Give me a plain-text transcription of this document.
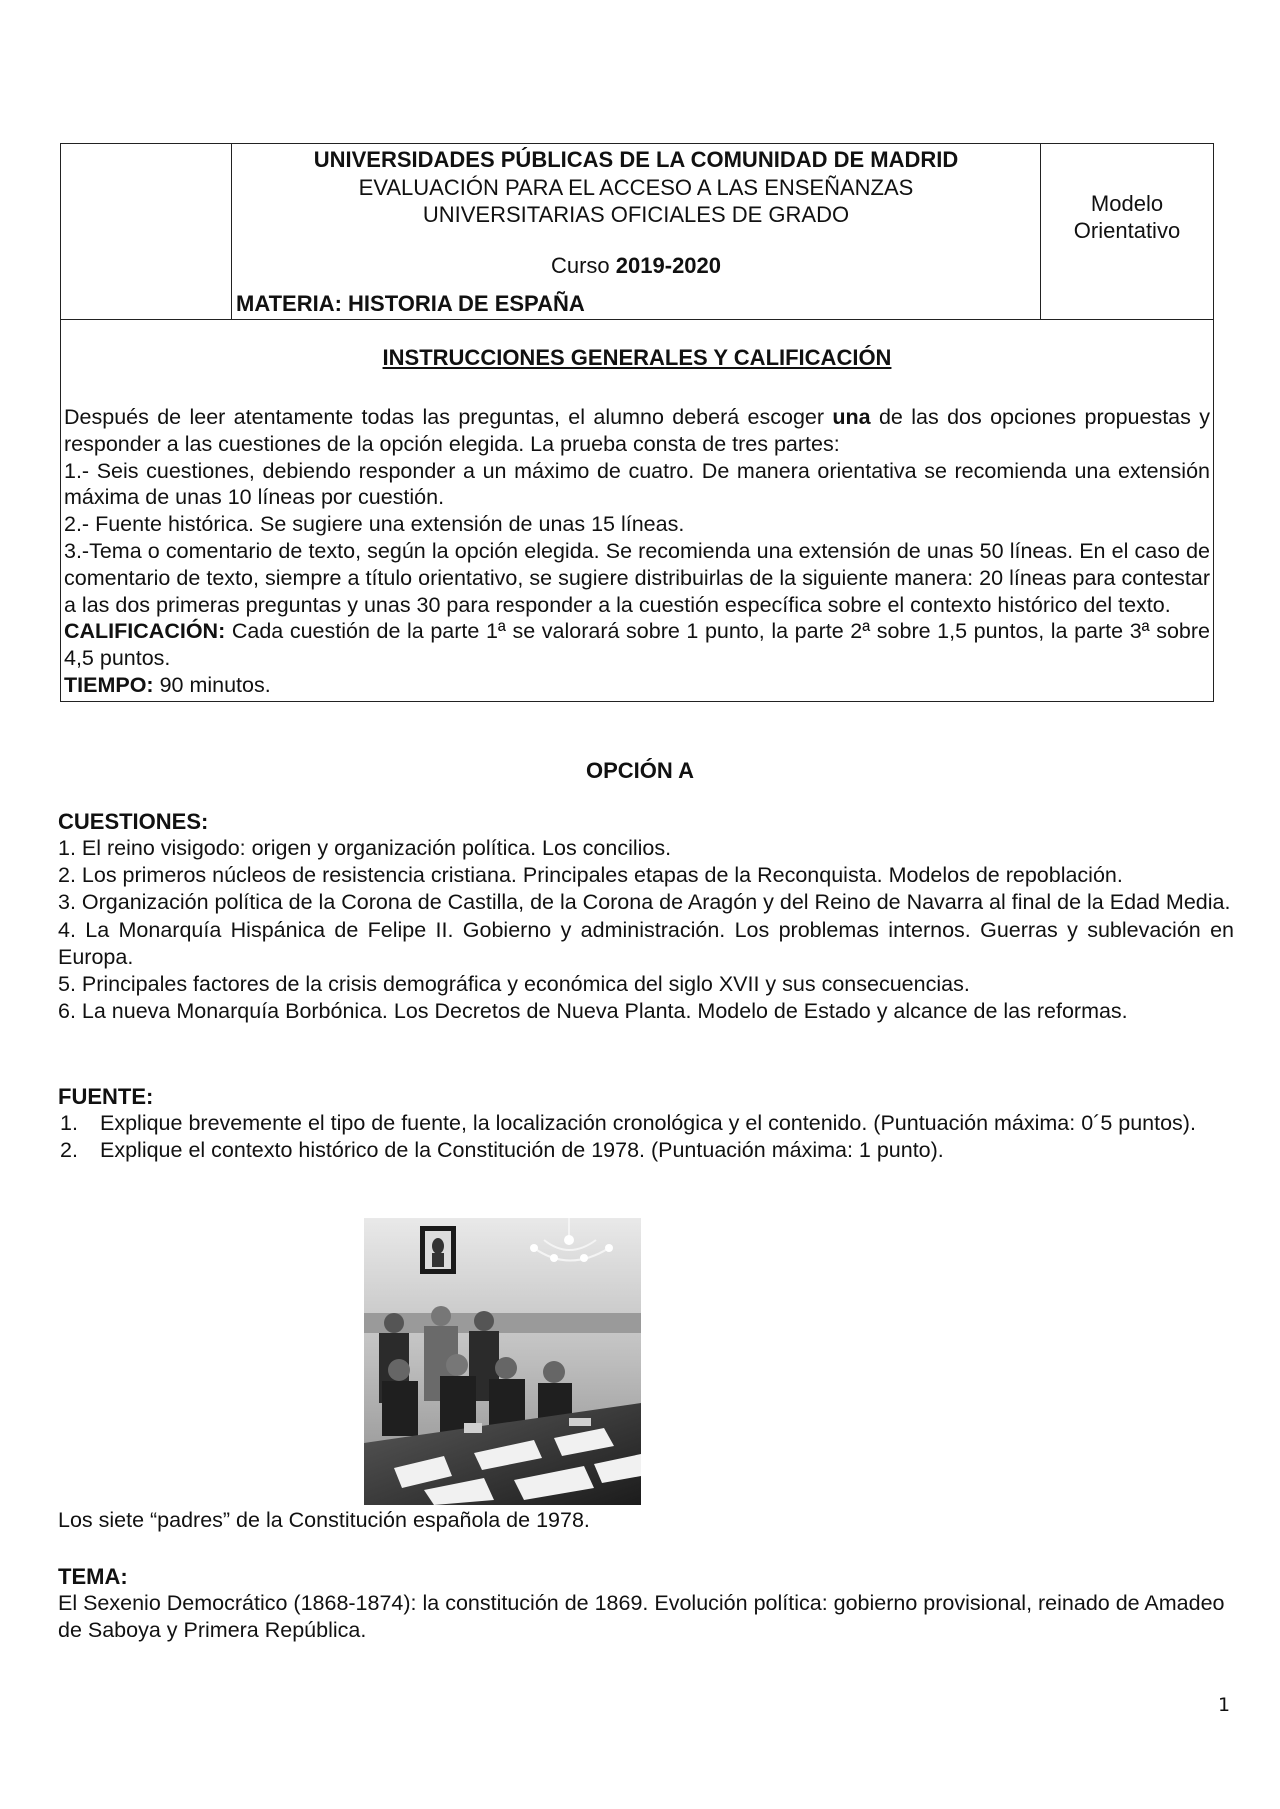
UNIVERSIDADES PÚBLICAS DE LA COMUNIDAD DE MADRID
EVALUACIÓN PARA EL ACCESO A LAS ENSEÑANZAS
UNIVERSITARIAS OFICIALES DE GRADO
Curso 2019-2020
MATERIA: HISTORIA DE ESPAÑA

Modelo
Orientativo

INSTRUCCIONES GENERALES Y CALIFICACIÓN

Después de leer atentamente todas las preguntas, el alumno deberá escoger una de las dos opciones propuestas y responder a las cuestiones de la opción elegida. La prueba consta de tres partes:

1.- Seis cuestiones, debiendo responder a un máximo de cuatro. De manera orientativa se recomienda una extensión máxima de unas 10 líneas por cuestión.

2.- Fuente histórica. Se sugiere una extensión de unas 15 líneas.

3.-Tema o comentario de texto, según la opción elegida. Se recomienda una extensión de unas 50 líneas. En el caso de comentario de texto, siempre a título orientativo, se sugiere distribuirlas de la siguiente manera: 20 líneas para contestar a las dos primeras preguntas y unas 30 para responder a la cuestión específica sobre el contexto histórico del texto.

CALIFICACIÓN: Cada cuestión de la parte 1ª se valorará sobre 1 punto, la parte 2ª sobre 1,5 puntos, la parte 3ª sobre 4,5 puntos.

TIEMPO: 90 minutos.

OPCIÓN A
CUESTIONES:

1. El reino visigodo: origen y organización política. Los concilios.

2. Los primeros núcleos de resistencia cristiana. Principales etapas de la Reconquista. Modelos de repoblación.

3. Organización política de la Corona de Castilla, de la Corona de Aragón y del Reino de Navarra al final de la Edad Media.

4. La Monarquía Hispánica de Felipe II. Gobierno y administración. Los problemas internos. Guerras y sublevación en Europa.

5. Principales factores de la crisis demográfica y económica del siglo XVII y sus consecuencias.

6. La nueva Monarquía Borbónica. Los Decretos de Nueva Planta. Modelo de Estado y alcance de las reformas.

FUENTE:
1.	Explique brevemente el tipo de fuente, la localización cronológica y el contenido. (Puntuación máxima: 0´5 puntos).
2.	Explique el contexto histórico de la Constitución de 1978. (Puntuación máxima: 1 punto).
Los siete “padres” de la Constitución española de 1978.
TEMA:

El Sexenio Democrático (1868-1874): la constitución de 1869. Evolución política: gobierno provisional, reinado de Amadeo de Saboya y Primera República.

1
